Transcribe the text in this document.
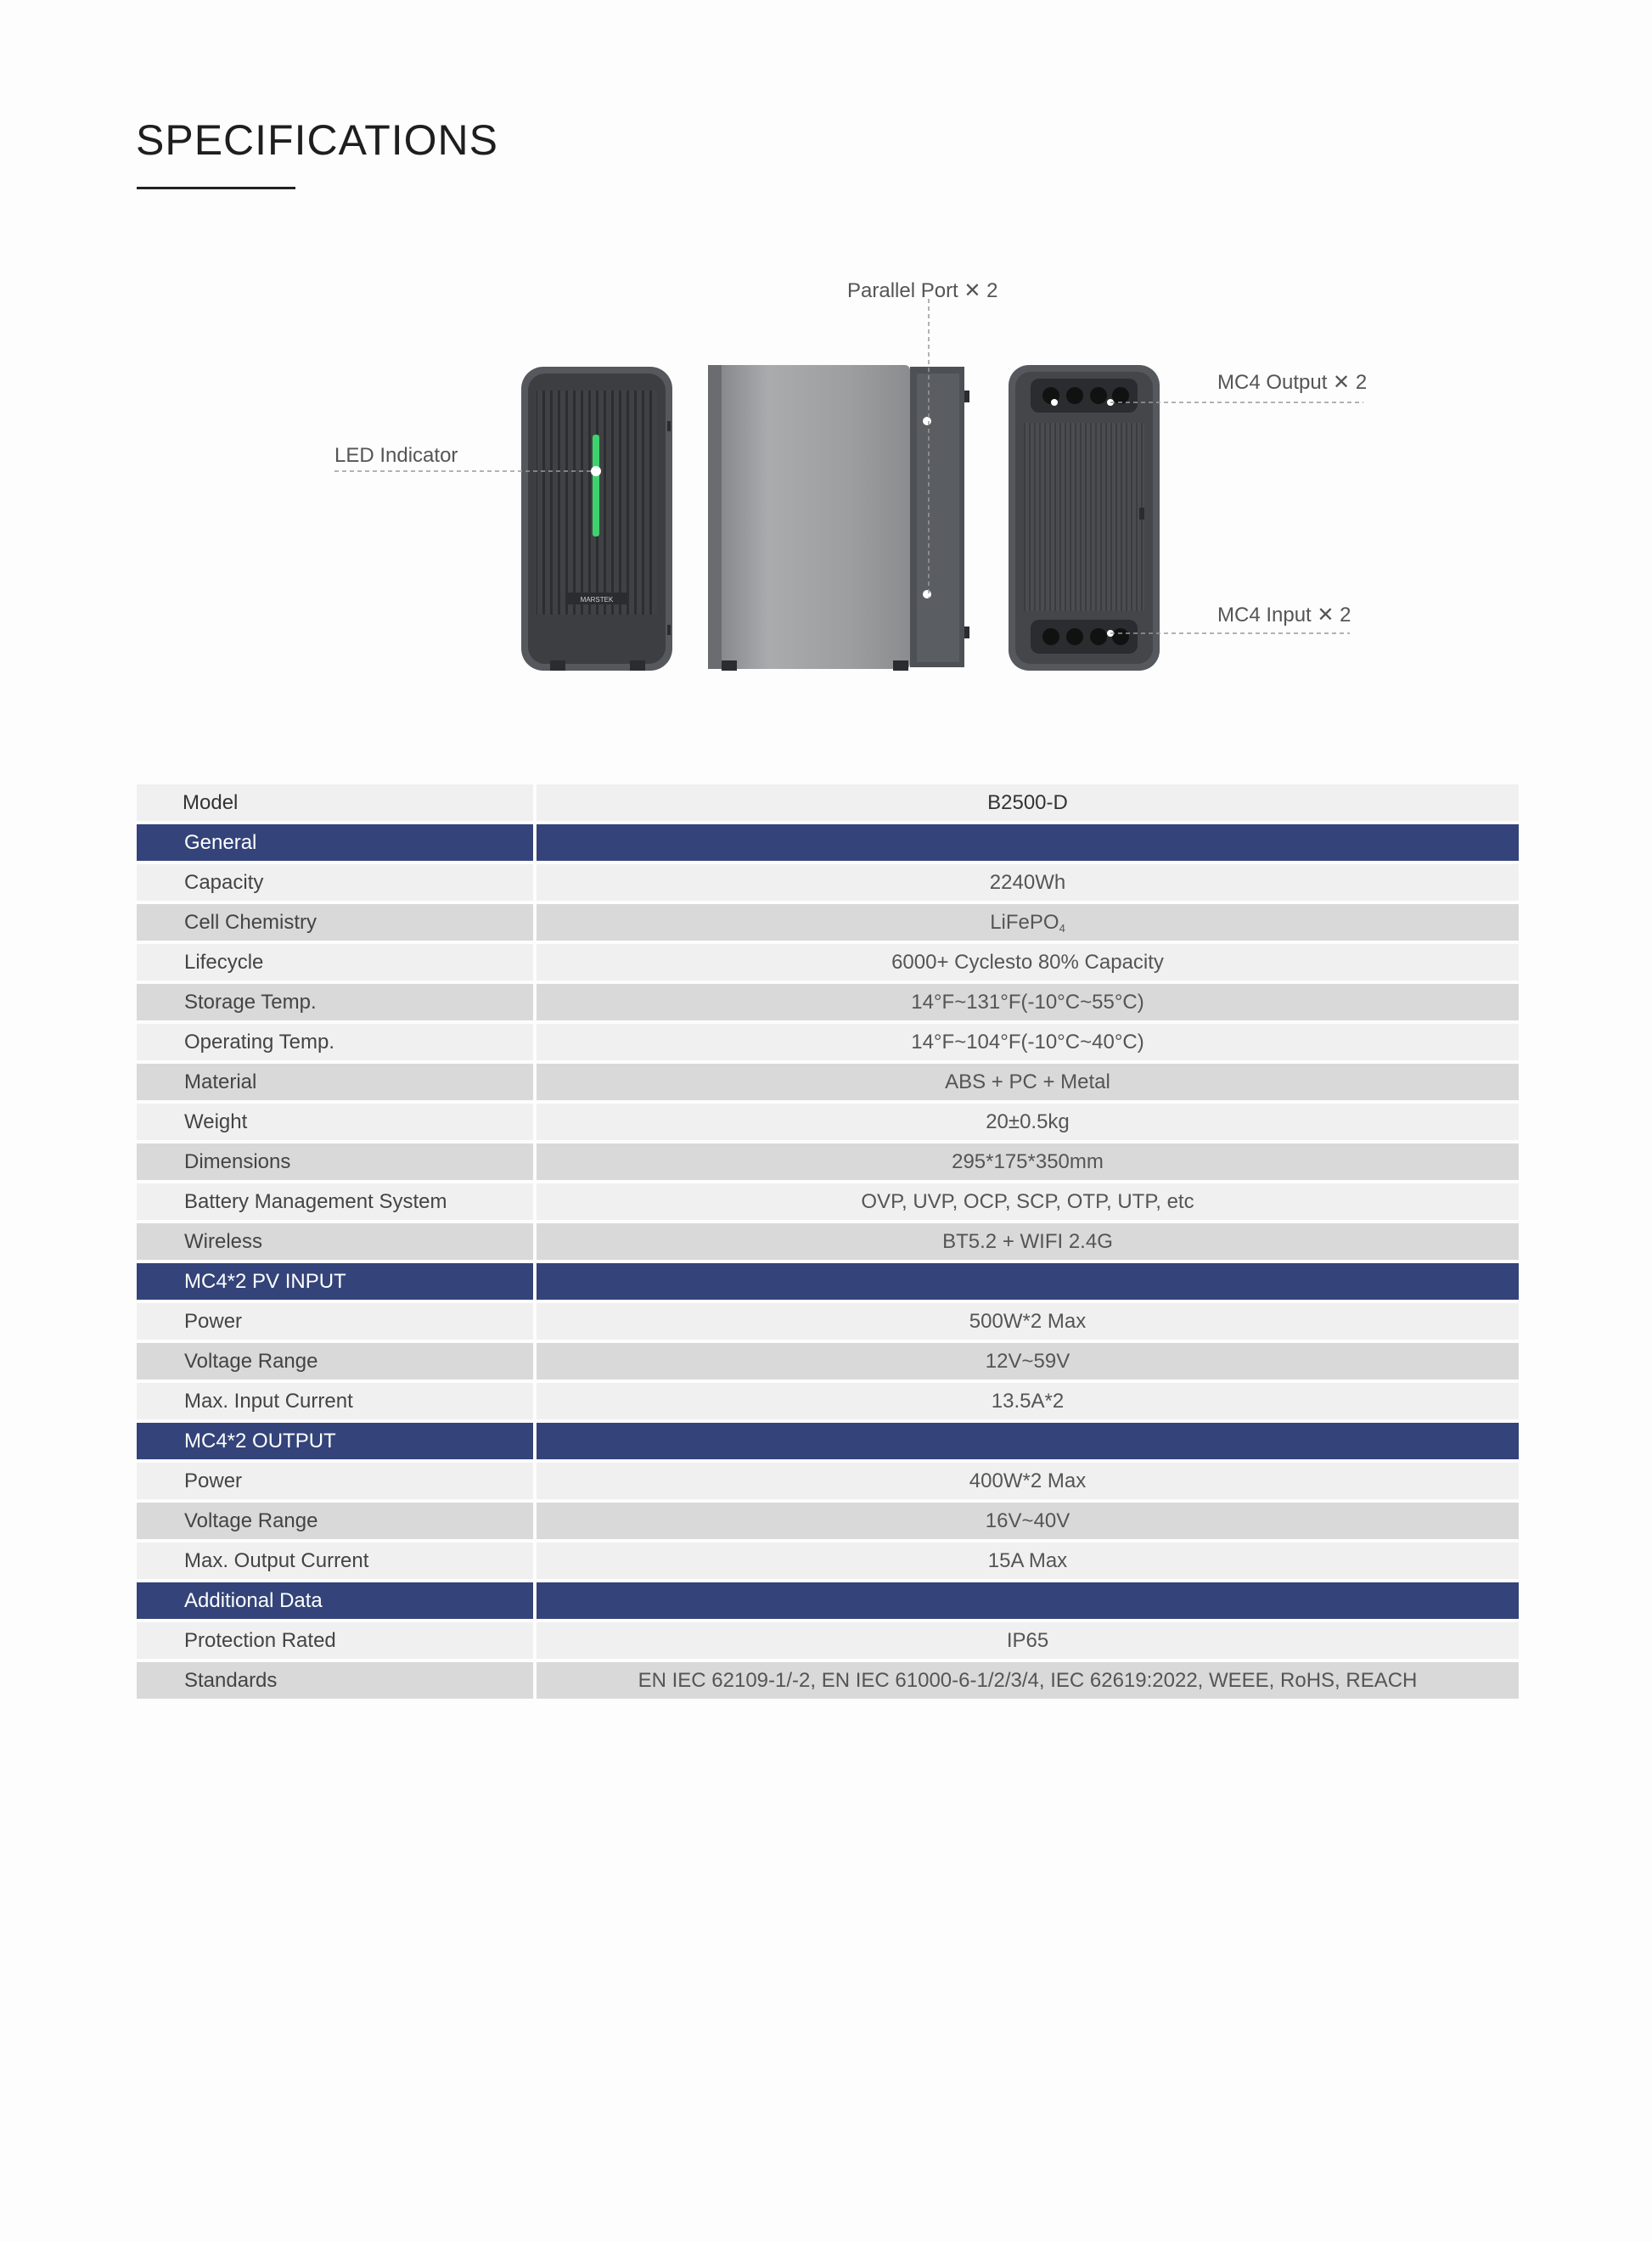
SPECIFICATIONS
MARSTEK
Parallel Port ✕ 2
LED Indicator
MC4 Output ✕ 2
MC4 Input ✕ 2
Model	B2500-D
General	
Capacity	2240Wh
Cell Chemistry	LiFePO$_4$
Lifecycle	6000+ Cyclesto 80% Capacity
Storage Temp.	14°F~131°F(-10°C~55°C)
Operating Temp.	14°F~104°F(-10°C~40°C)
Material	ABS + PC + Metal
Weight	20±0.5kg
Dimensions	295*175*350mm
Battery Management System	OVP, UVP, OCP, SCP, OTP, UTP, etc
Wireless	BT5.2 + WIFI 2.4G
MC4*2 PV INPUT	
Power	500W*2 Max
Voltage Range	12V~59V
Max. Input Current	13.5A*2
MC4*2 OUTPUT	
Power	400W*2 Max
Voltage Range	16V~40V
Max. Output Current	15A Max
Additional Data	
Protection Rated	IP65
Standards	EN IEC 62109-1/-2, EN IEC 61000-6-1/2/3/4, IEC 62619:2022, WEEE, RoHS, REACH
